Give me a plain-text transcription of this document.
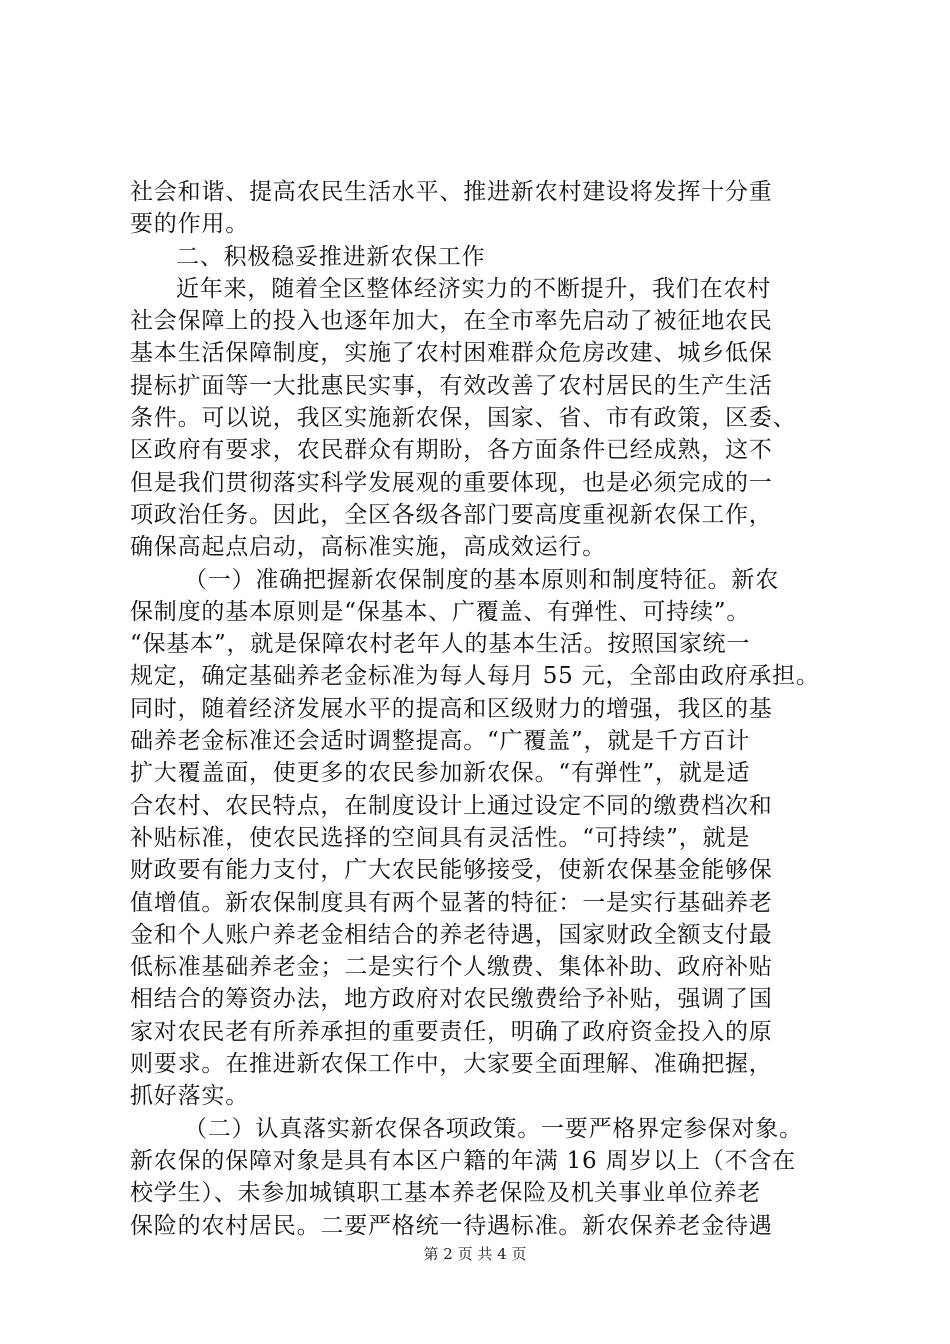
社会和谐、提高农民生活水平、推进新农村建设将发挥十分重
要的作用。
二、积极稳妥推进新农保工作
近年来，随着全区整体经济实力的不断提升，我们在农村
社会保障上的投入也逐年加大，在全市率先启动了被征地农民
基本生活保障制度，实施了农村困难群众危房改建、城乡低保
提标扩面等一大批惠民实事，有效改善了农村居民的生产生活
条件。可以说，我区实施新农保，国家、省、市有政策，区委、
区政府有要求，农民群众有期盼，各方面条件已经成熟，这不
但是我们贯彻落实科学发展观的重要体现，也是必须完成的一
项政治任务。因此，全区各级各部门要高度重视新农保工作，
确保高起点启动，高标准实施，高成效运行。
（一）准确把握新农保制度的基本原则和制度特征。新农
保制度的基本原则是“保基本、广覆盖、有弹性、可持续”。
“保基本”，就是保障农村老年人的基本生活。按照国家统一
规定，确定基础养老金标准为每人每月 55 元，全部由政府承担。
同时，随着经济发展水平的提高和区级财力的增强，我区的基
础养老金标准还会适时调整提高。“广覆盖”，就是千方百计
扩大覆盖面，使更多的农民参加新农保。“有弹性”，就是适
合农村、农民特点，在制度设计上通过设定不同的缴费档次和
补贴标准，使农民选择的空间具有灵活性。“可持续”，就是
财政要有能力支付，广大农民能够接受，使新农保基金能够保
值增值。新农保制度具有两个显著的特征：一是实行基础养老
金和个人账户养老金相结合的养老待遇，国家财政全额支付最
低标准基础养老金；二是实行个人缴费、集体补助、政府补贴
相结合的筹资办法，地方政府对农民缴费给予补贴，强调了国
家对农民老有所养承担的重要责任，明确了政府资金投入的原
则要求。在推进新农保工作中，大家要全面理解、准确把握，
抓好落实。
（二）认真落实新农保各项政策。一要严格界定参保对象。
新农保的保障对象是具有本区户籍的年满 16 周岁以上（不含在
校学生）、未参加城镇职工基本养老保险及机关事业单位养老
保险的农村居民。二要严格统一待遇标准。新农保养老金待遇
第 2 页 共 4 页
